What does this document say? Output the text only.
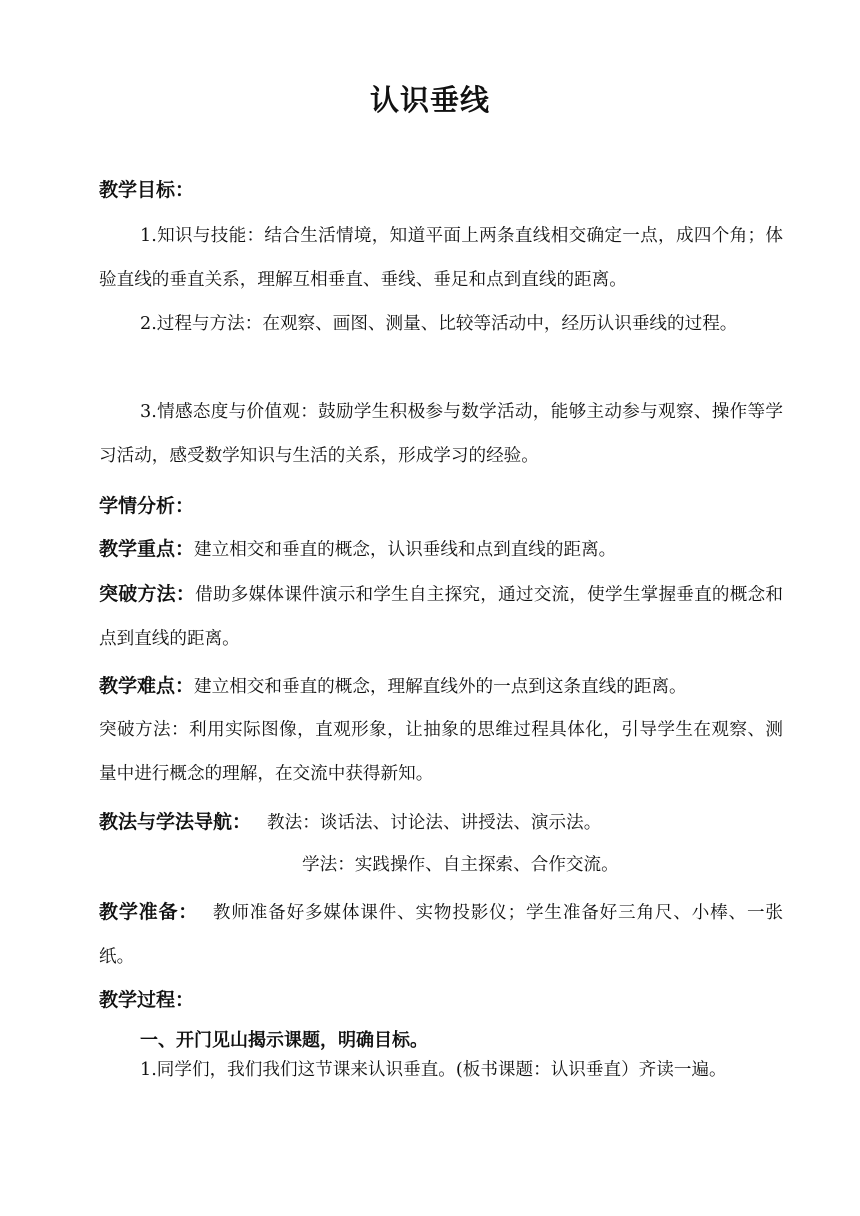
认识垂线
教学目标：
1.知识与技能：结合生活情境，知道平面上两条直线相交确定一点，成四个角；体验直线的垂直关系，理解互相垂直、垂线、垂足和点到直线的距离。
2.过程与方法：在观察、画图、测量、比较等活动中，经历认识垂线的过程。
3.情感态度与价值观：鼓励学生积极参与数学活动，能够主动参与观察、操作等学习活动，感受数学知识与生活的关系，形成学习的经验。
学情分析：
教学重点：建立相交和垂直的概念，认识垂线和点到直线的距离。
突破方法：借助多媒体课件演示和学生自主探究，通过交流，使学生掌握垂直的概念和点到直线的距离。
教学难点：建立相交和垂直的概念，理解直线外的一点到这条直线的距离。
突破方法：利用实际图像，直观形象，让抽象的思维过程具体化，引导学生在观察、测量中进行概念的理解，在交流中获得新知。
教法与学法导航： 教法：谈话法、讨论法、讲授法、演示法。
学法：实践操作、自主探索、合作交流。
教学准备： 教师准备好多媒体课件、实物投影仪；学生准备好三角尺、小棒、一张纸。
教学过程：
一、开门见山揭示课题，明确目标。
1.同学们，我们我们这节课来认识垂直。(板书课题：认识垂直）齐读一遍。
